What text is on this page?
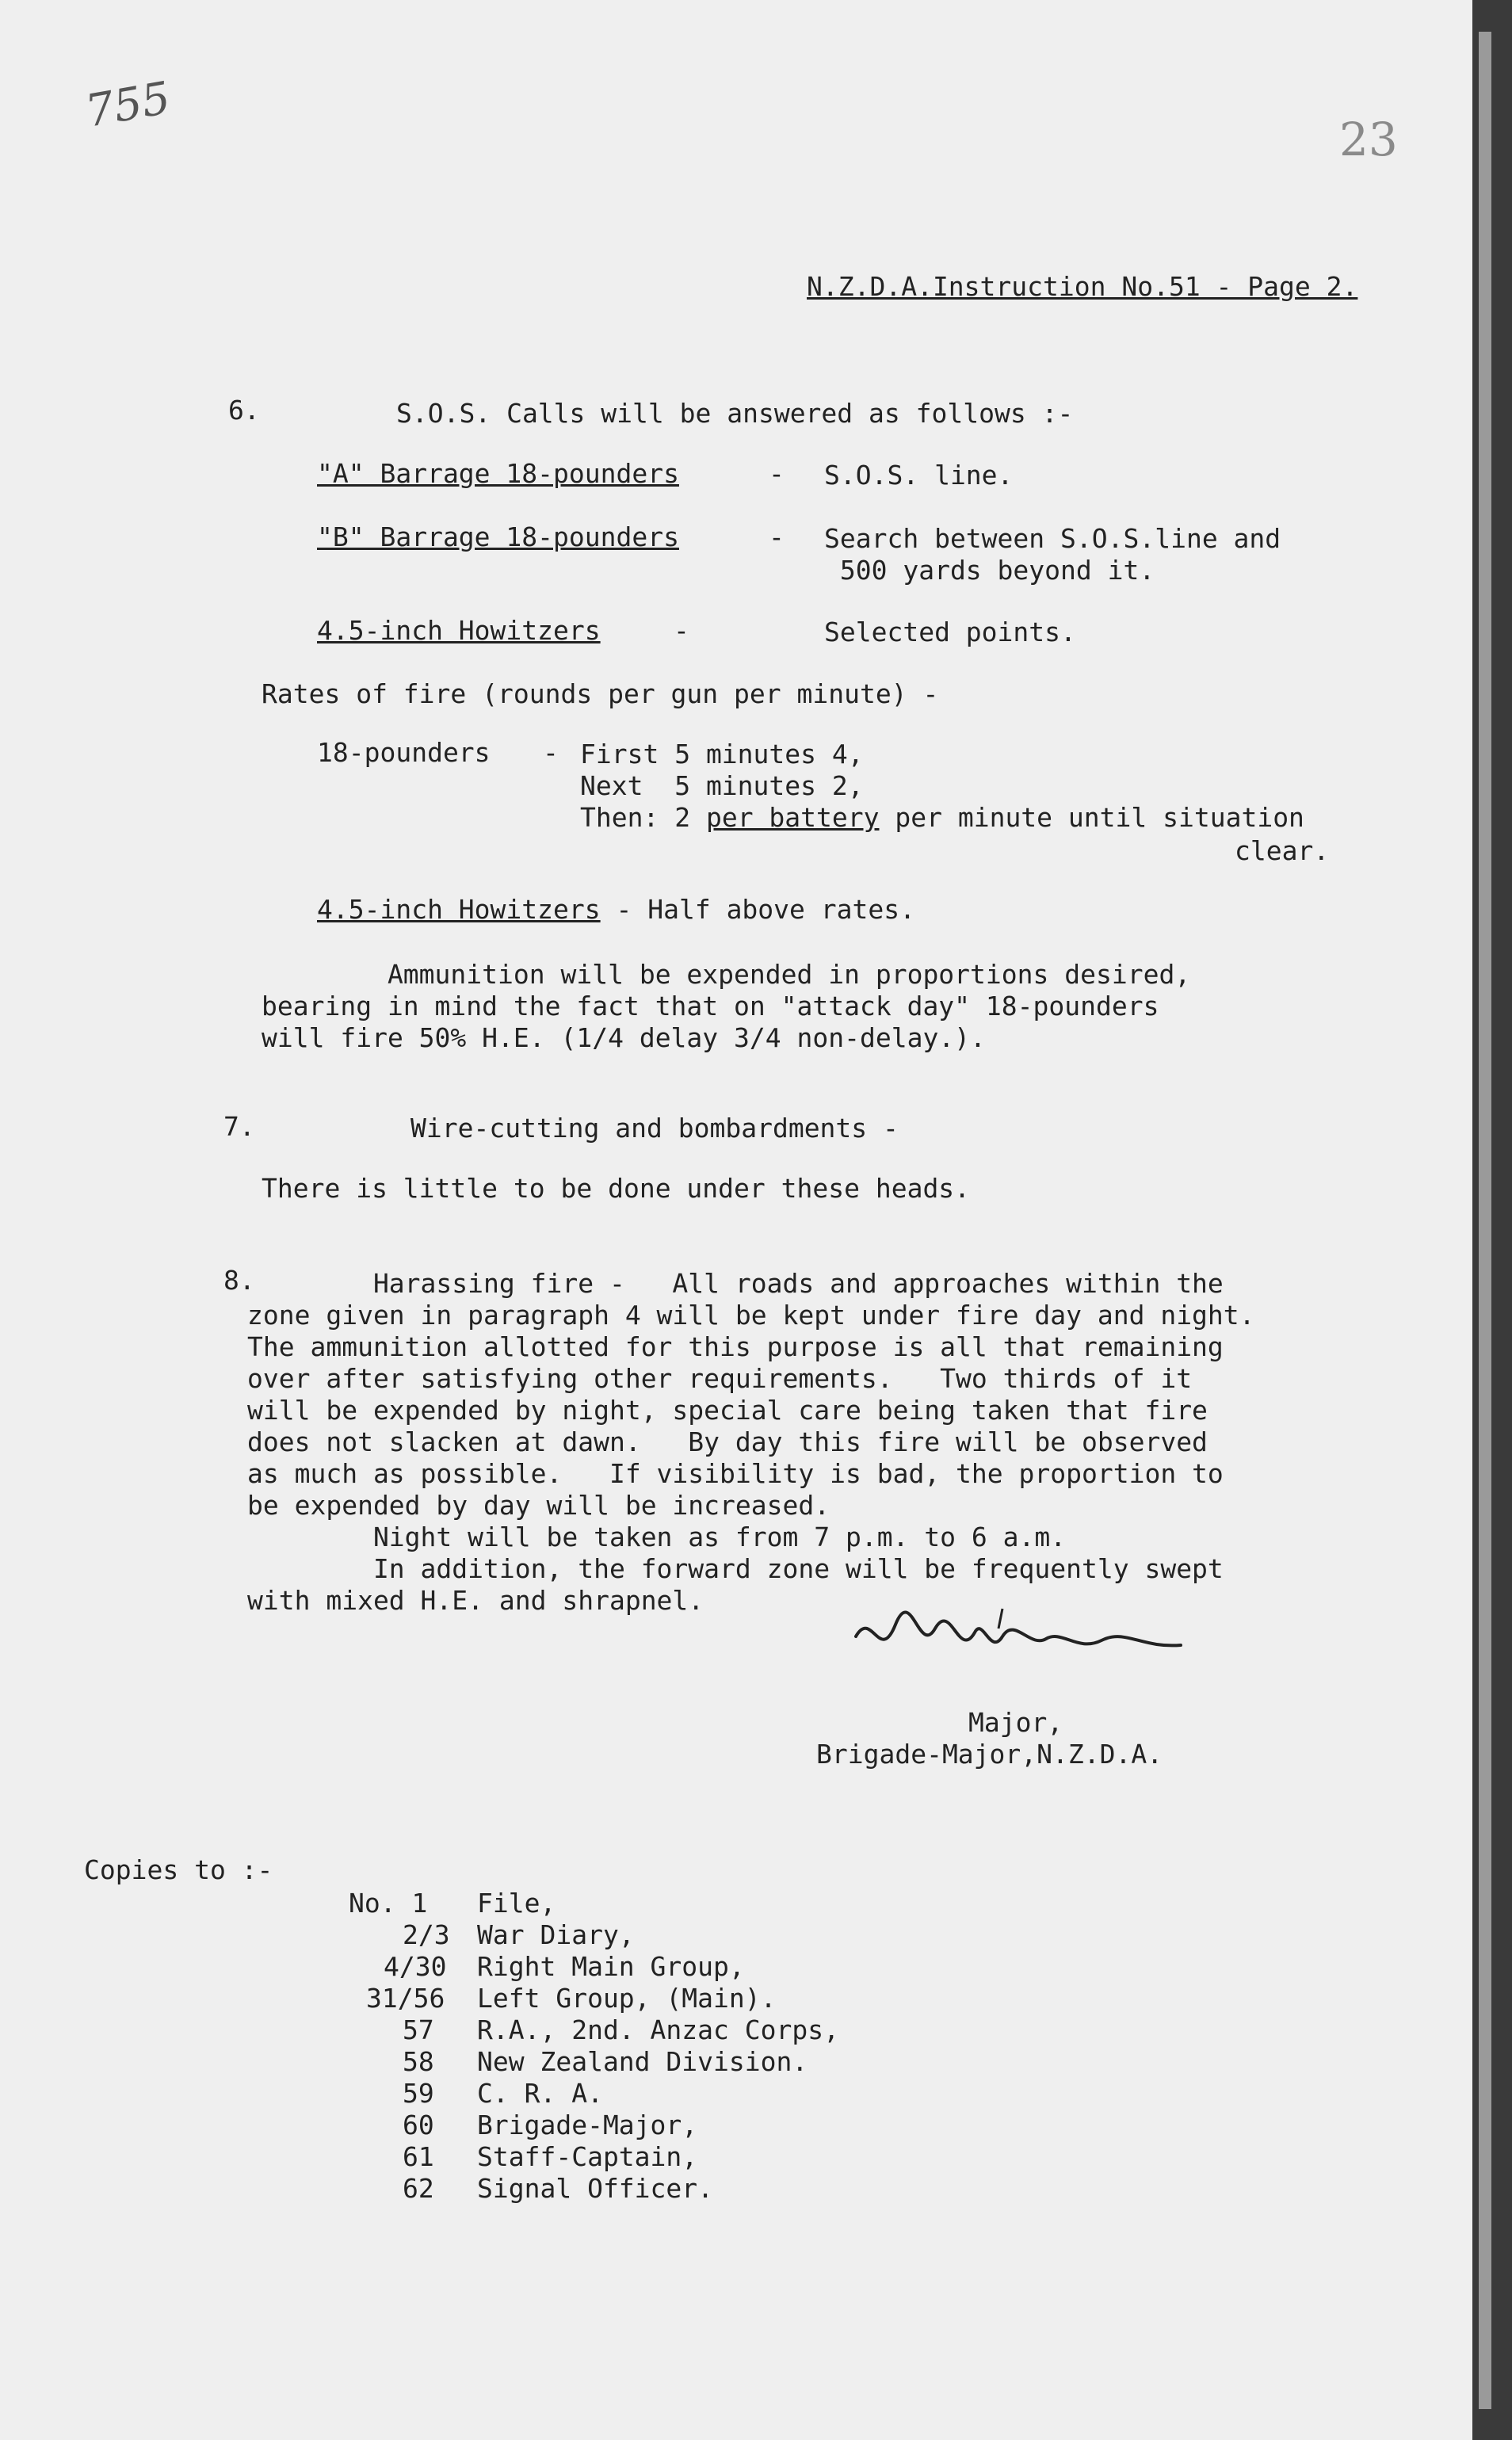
755
23
N.Z.D.A.Instruction No.51 - Page 2.
6.	S.O.S. Calls will be answered as follows :-
"A" Barrage 18-pounders	- S.O.S. line.
"B" Barrage 18-pounders	- Search between S.O.S.line and
500 yards beyond it.
4.5-inch Howitzers	-	Selected points.
Rates of fire (rounds per gun per minute) -
18-pounders - First 5 minutes 4,
Next  5 minutes 2,
Then: 2 per battery per minute until situation
clear.
4.5-inch Howitzers - Half above rates.
Ammunition will be expended in proportions desired,
bearing in mind the fact that on "attack day" 18-pounders
will fire 50% H.E. (1/4 delay 3/4 non-delay.).
7.	Wire-cutting and bombardments -
There is little to be done under these heads.
8.
Harassing fire -   All roads and approaches within the
zone given in paragraph 4 will be kept under fire day and night.
The ammunition allotted for this purpose is all that remaining
over after satisfying other requirements.   Two thirds of it
will be expended by night, special care being taken that fire
does not slacken at dawn.   By day this fire will be observed
as much as possible.   If visibility is bad, the proportion to
be expended by day will be increased.
Night will be taken as from 7 p.m. to 6 a.m.
In addition, the forward zone will be frequently swept
with mixed H.E. and shrapnel.
Major,
Brigade-Major,N.Z.D.A.
Copies to :-
No. 1 File,
2/3 War Diary,
4/30 Right Main Group,
31/56 Left Group, (Main).
57 R.A., 2nd. Anzac Corps,
58 New Zealand Division.
59 C. R. A.
60 Brigade-Major,
61 Staff-Captain,
62 Signal Officer.
